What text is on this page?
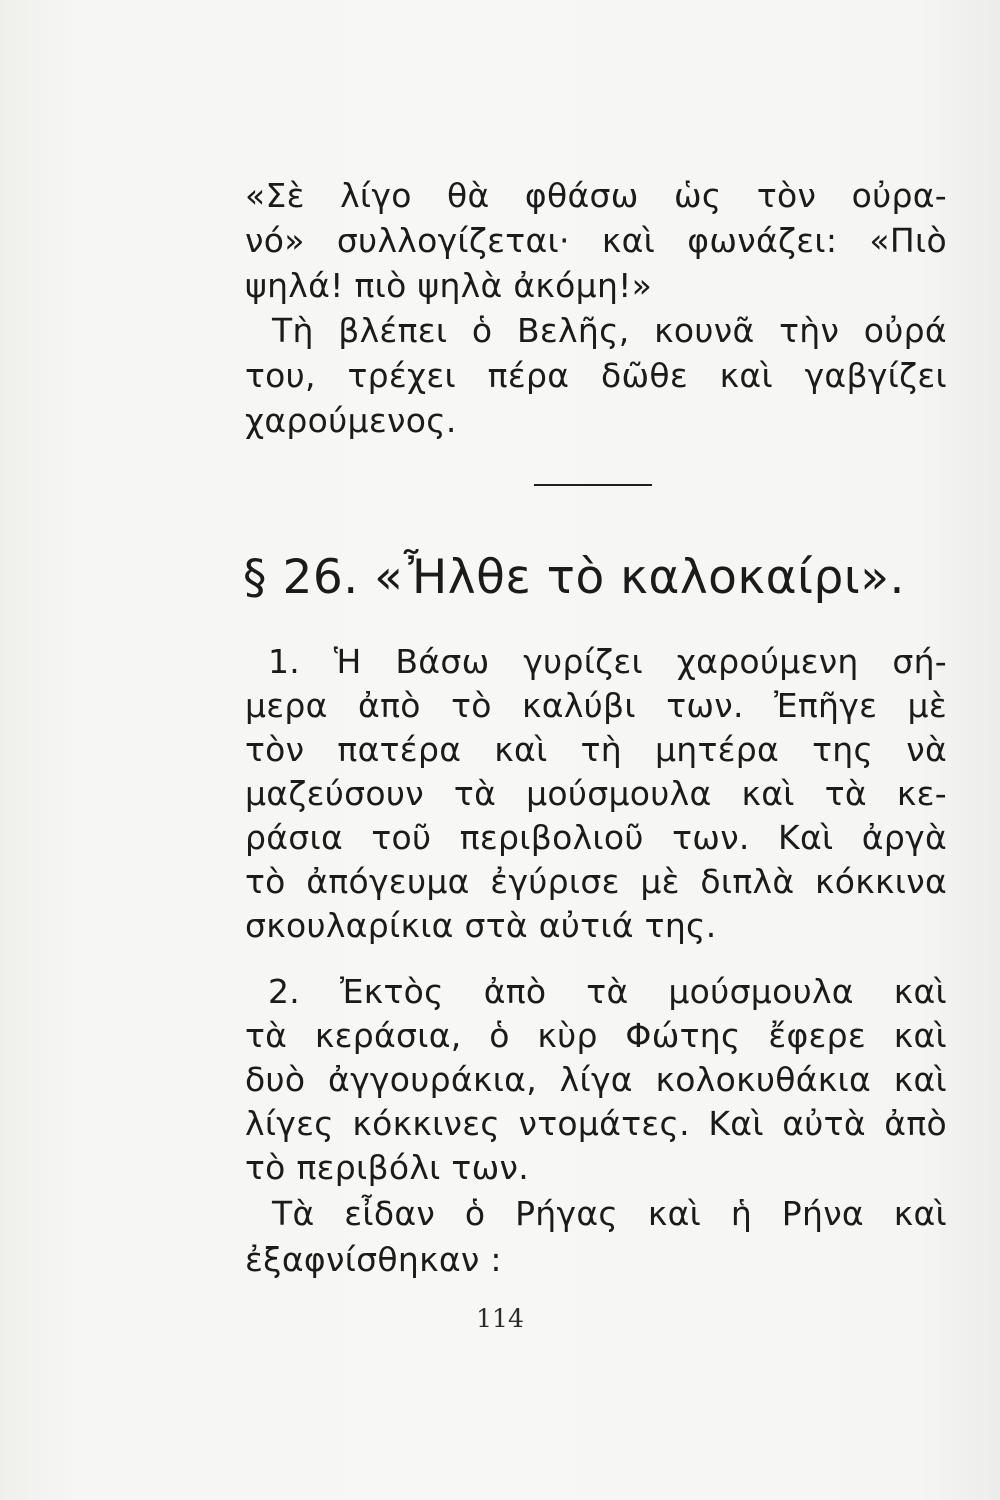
«Σὲ λίγο θὰ φθάσω ὡς τὸν οὐρα-
νό» συλλογίζεται· καὶ φωνάζει: «Πιὸ
ψηλά! πιὸ ψηλὰ ἀκόμη!»
Τὴ βλέπει ὁ Βελῆς, κουνᾶ τὴν οὐρά
του, τρέχει πέρα δῶθε καὶ γαβγίζει
χαρούμενος.
§ 26. «Ἦλθε τὸ καλοκαίρι».
1. Ἡ Βάσω γυρίζει χαρούμενη σή-
μερα ἀπὸ τὸ καλύβι των. Ἐπῆγε μὲ
τὸν πατέρα καὶ τὴ μητέρα της νὰ
μαζεύσουν τὰ μούσμουλα καὶ τὰ κε-
ράσια τοῦ περιβολιοῦ των. Καὶ ἀργὰ
τὸ ἀπόγευμα ἐγύρισε μὲ διπλὰ κόκκινα
σκουλαρίκια στὰ αὐτιά της.
2. Ἐκτὸς ἀπὸ τὰ μούσμουλα καὶ
τὰ κεράσια, ὁ κὺρ Φώτης ἔφερε καὶ
δυὸ ἀγγουράκια, λίγα κολοκυθάκια καὶ
λίγες κόκκινες ντομάτες. Καὶ αὐτὰ ἀπὸ
τὸ περιβόλι των.
Τὰ εἶδαν ὁ Ρήγας καὶ ἡ Ρήνα καὶ
ἐξαφνίσθηκαν :
114
